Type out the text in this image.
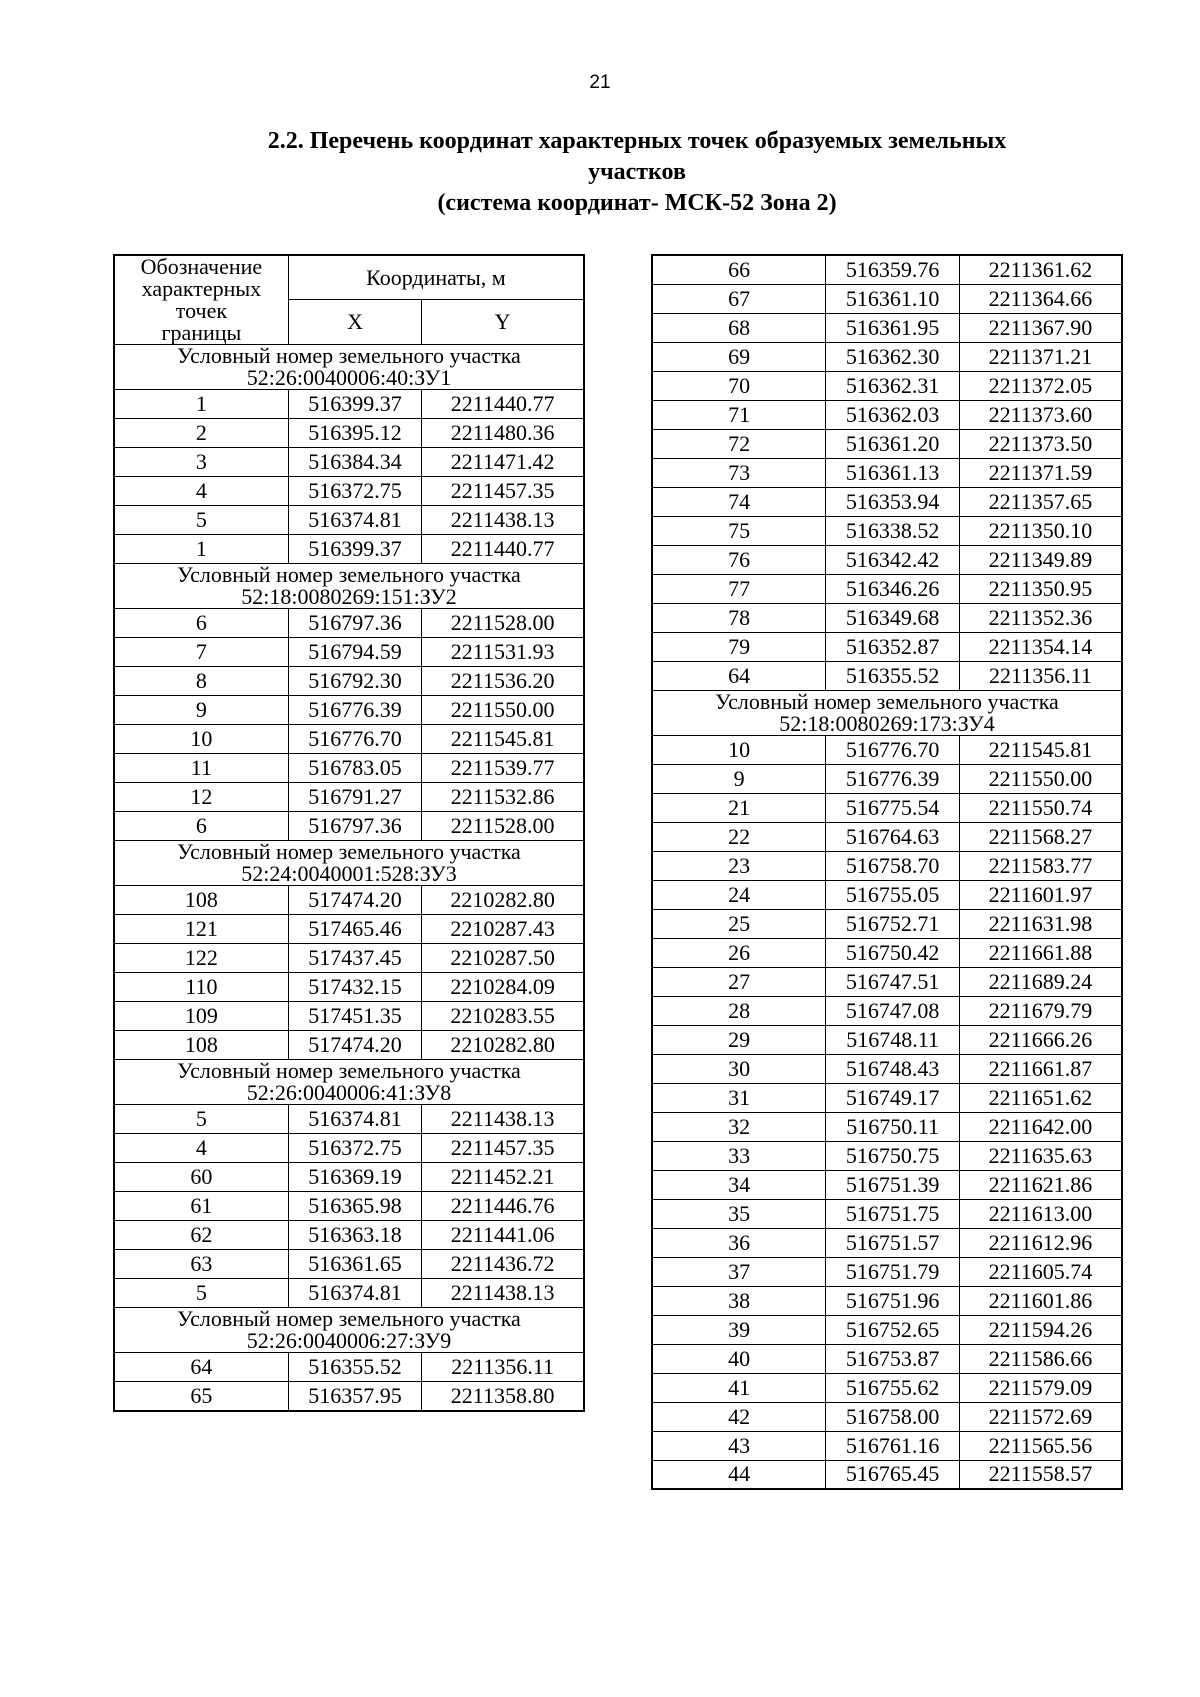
21
2.2. Перечень координат характерных точек образуемых земельных
участков
(система координат- МСК-52 Зона 2)
Обозначение
характерных
точек
границы	Координаты, м	
	X	Y

Условный номер земельного участка
52:26:0040006:40:ЗУ1		

1	516399.37	2211440.77
2	516395.12	2211480.36
3	516384.34	2211471.42
4	516372.75	2211457.35
5	516374.81	2211438.13
1	516399.37	2211440.77

Условный номер земельного участка
52:18:0080269:151:ЗУ2		

6	516797.36	2211528.00
7	516794.59	2211531.93
8	516792.30	2211536.20
9	516776.39	2211550.00
10	516776.70	2211545.81
11	516783.05	2211539.77
12	516791.27	2211532.86
6	516797.36	2211528.00

Условный номер земельного участка
52:24:0040001:528:ЗУ3		

108	517474.20	2210282.80
121	517465.46	2210287.43
122	517437.45	2210287.50
110	517432.15	2210284.09
109	517451.35	2210283.55
108	517474.20	2210282.80

Условный номер земельного участка
52:26:0040006:41:ЗУ8		

5	516374.81	2211438.13
4	516372.75	2211457.35
60	516369.19	2211452.21
61	516365.98	2211446.76
62	516363.18	2211441.06
63	516361.65	2211436.72
5	516374.81	2211438.13

Условный номер земельного участка
52:26:0040006:27:ЗУ9		

64	516355.52	2211356.11
65	516357.95	2211358.80
66	516359.76	2211361.62
67	516361.10	2211364.66
68	516361.95	2211367.90
69	516362.30	2211371.21
70	516362.31	2211372.05
71	516362.03	2211373.60
72	516361.20	2211373.50
73	516361.13	2211371.59
74	516353.94	2211357.65
75	516338.52	2211350.10
76	516342.42	2211349.89
77	516346.26	2211350.95
78	516349.68	2211352.36
79	516352.87	2211354.14
64	516355.52	2211356.11

Условный номер земельного участка
52:18:0080269:173:ЗУ4		

10	516776.70	2211545.81
9	516776.39	2211550.00
21	516775.54	2211550.74
22	516764.63	2211568.27
23	516758.70	2211583.77
24	516755.05	2211601.97
25	516752.71	2211631.98
26	516750.42	2211661.88
27	516747.51	2211689.24
28	516747.08	2211679.79
29	516748.11	2211666.26
30	516748.43	2211661.87
31	516749.17	2211651.62
32	516750.11	2211642.00
33	516750.75	2211635.63
34	516751.39	2211621.86
35	516751.75	2211613.00
36	516751.57	2211612.96
37	516751.79	2211605.74
38	516751.96	2211601.86
39	516752.65	2211594.26
40	516753.87	2211586.66
41	516755.62	2211579.09
42	516758.00	2211572.69
43	516761.16	2211565.56
44	516765.45	2211558.57
